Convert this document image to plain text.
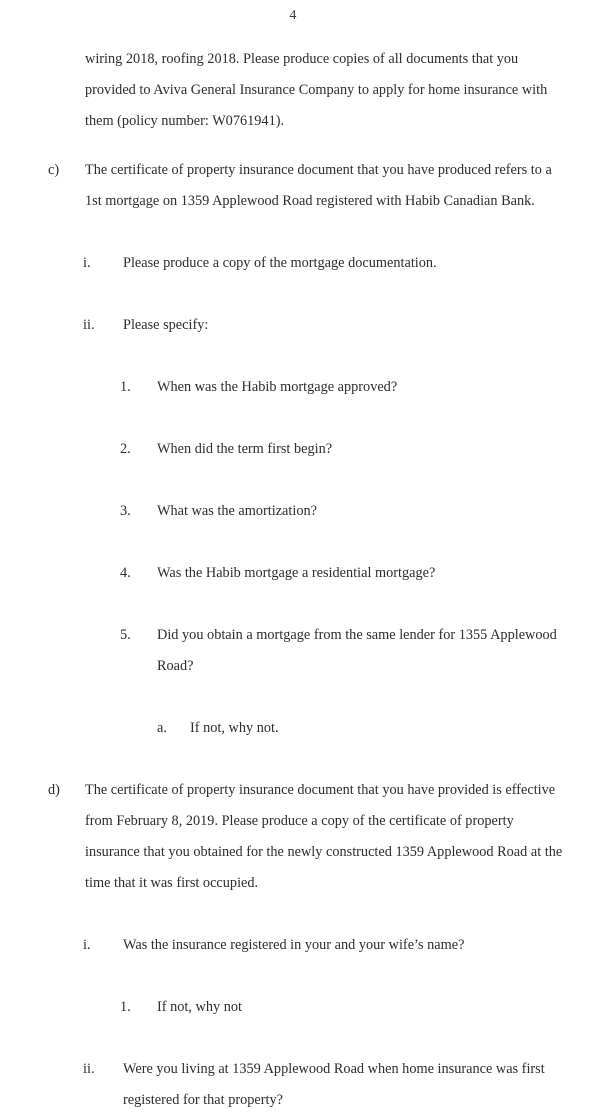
4
wiring 2018, roofing 2018. Please produce copies of all documents that you provided to Aviva General Insurance Company to apply for home insurance with them (policy number: W0761941).
c)	The certificate of property insurance document that you have produced refers to a 1st mortgage on 1359 Applewood Road registered with Habib Canadian Bank.
i.	Please produce a copy of the mortgage documentation.
ii.	Please specify:
1.	When was the Habib mortgage approved?
2.	When did the term first begin?
3.	What was the amortization?
4.	Was the Habib mortgage a residential mortgage?
5.	Did you obtain a mortgage from the same lender for 1355 Applewood Road?
a.	If not, why not.
d)	The certificate of property insurance document that you have provided is effective from February 8, 2019. Please produce a copy of the certificate of property insurance that you obtained for the newly constructed 1359 Applewood Road at the time that it was first occupied.
i.	Was the insurance registered in your and your wife’s name?
1.	If not, why not
ii.	Were you living at 1359 Applewood Road when home insurance was first registered for that property?
